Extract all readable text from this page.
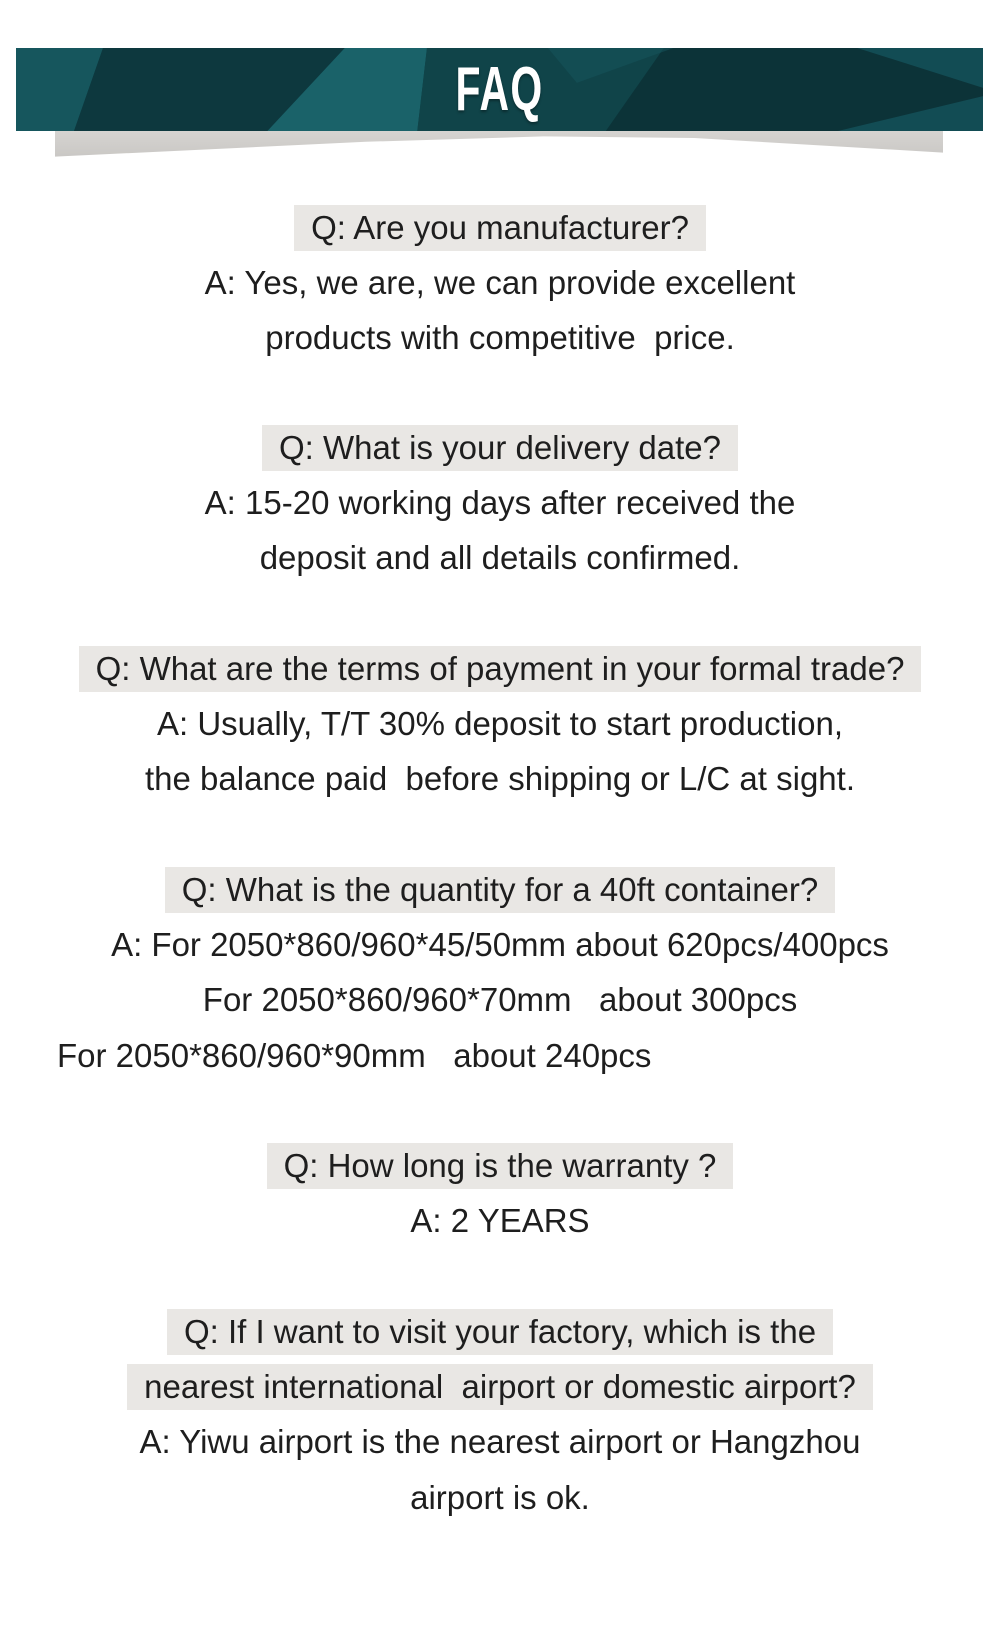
FAQ
Q: Are you manufacturer?
A: Yes, we are, we can provide excellent
products with competitive  price.
Q: What is your delivery date?
A: 15-20 working days after received the
deposit and all details confirmed.
Q: What are the terms of payment in your formal trade?
A: Usually, T/T 30% deposit to start production,
the balance paid  before shipping or L/C at sight.
Q: What is the quantity for a 40ft container?
A: For 2050*860/960*45/50mm about 620pcs/400pcs
For 2050*860/960*70mm   about 300pcs
For 2050*860/960*90mm   about 240pcs
Q: How long is the warranty ?
A: 2 YEARS
Q: If I want to visit your factory, which is the
nearest international  airport or domestic airport?
A: Yiwu airport is the nearest airport or Hangzhou
airport is ok.
